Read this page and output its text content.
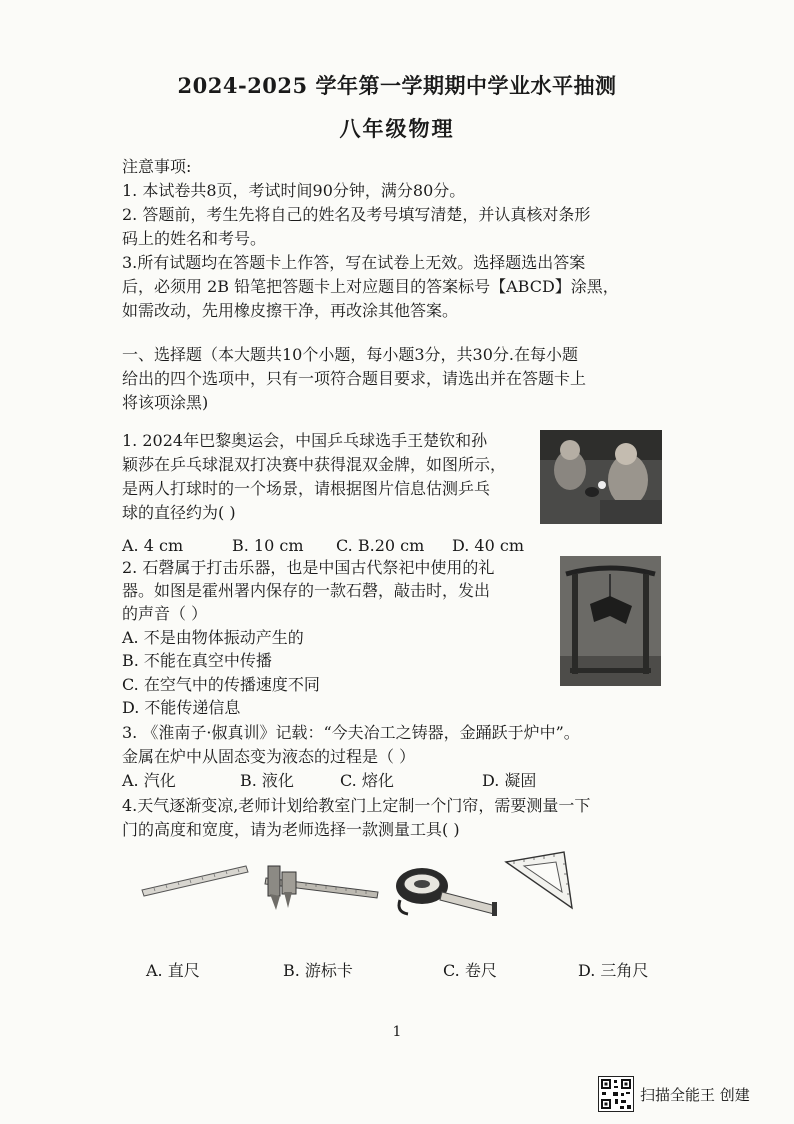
2024-2025 学年第一学期期中学业水平抽测
八年级物理
注意事项:
1. 本试卷共8页，考试时间90分钟，满分80分。
2. 答题前，考生先将自己的姓名及考号填写清楚，并认真核对条形
码上的姓名和考号。
3.所有试题均在答题卡上作答，写在试卷上无效。选择题选出答案
后，必须用 2B 铅笔把答题卡上对应题目的答案标号【ABCD】涂黑，
如需改动，先用橡皮擦干净，再改涂其他答案。
一、选择题（本大题共10个小题，每小题3分，共30分.在每小题
给出的四个选项中，只有一项符合题目要求，请选出并在答题卡上
将该项涂黑)
1. 2024年巴黎奥运会，中国乒乓球选手王楚钦和孙
颖莎在乒乓球混双打决赛中获得混双金牌，如图所示，
是两人打球时的一个场景，请根据图片信息估测乒乓
球的直径约为( )
A. 4 cm	B. 10 cm C. B.20 cm D. 40 cm
2. 石磬属于打击乐器，也是中国古代祭祀中使用的礼
器。如图是霍州署内保存的一款石磬，敲击时，发出
的声音（ ）
A. 不是由物体振动产生的
B. 不能在真空中传播
C. 在空气中的传播速度不同
D. 不能传递信息
3. 《淮南子·俶真训》记载：“今夫冶工之铸器，金踊跃于炉中”。
金属在炉中从固态变为液态的过程是（ ）
A. 汽化	B. 液化	C. 熔化	D. 凝固
4.天气逐渐变凉,老师计划给教室门上定制一个门帘，需要测量一下
门的高度和宽度，请为老师选择一款测量工具( )
A. 直尺	B. 游标卡	C. 卷尺	D. 三角尺
1
扫描全能王 创建
